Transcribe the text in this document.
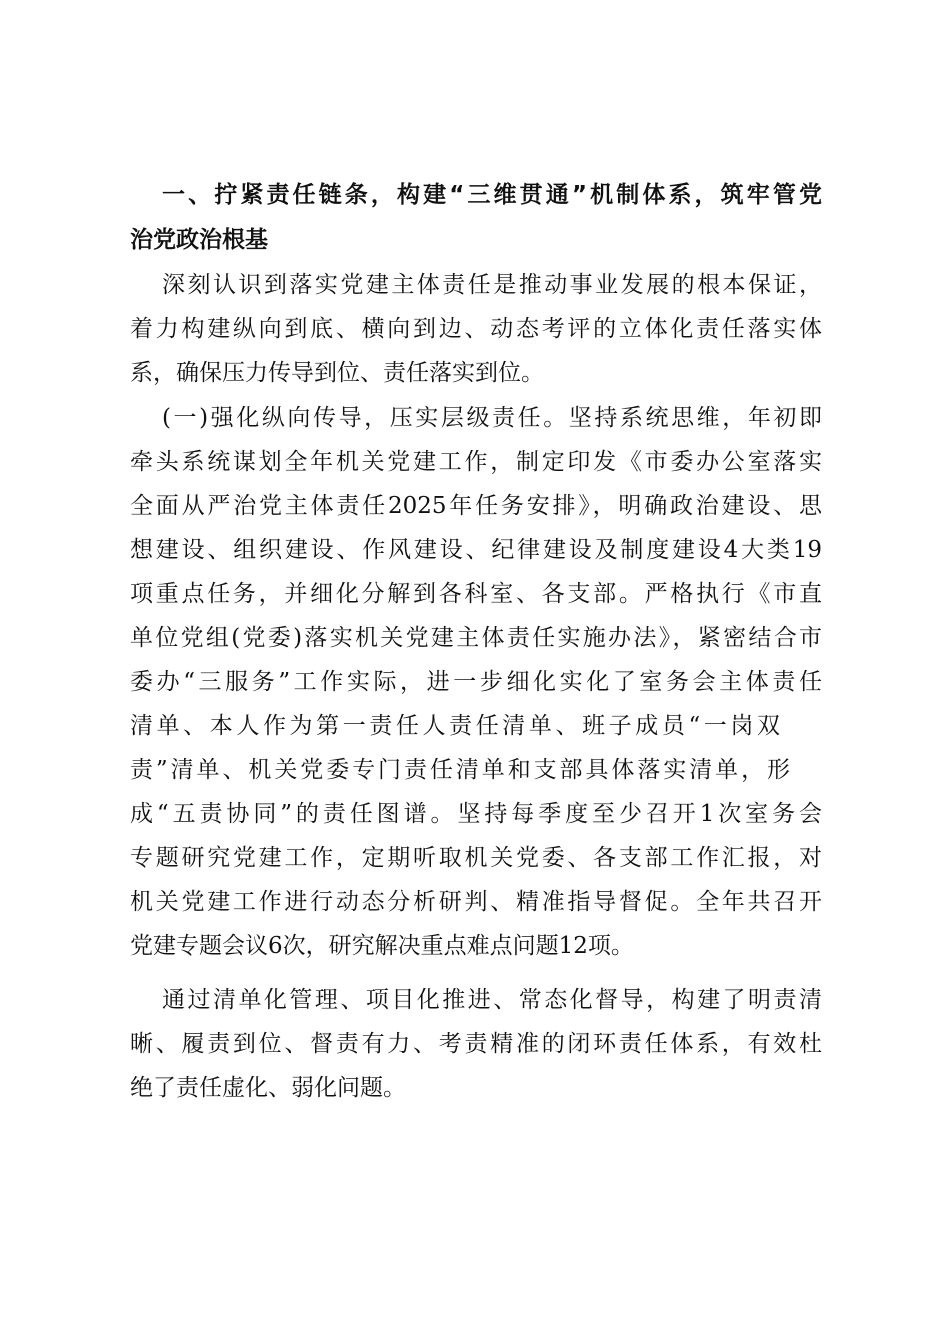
一、拧紧责任链条，构建“三维贯通”机制体系，筑牢管党
治党政治根基
深刻认识到落实党建主体责任是推动事业发展的根本保证，
着力构建纵向到底、横向到边、动态考评的立体化责任落实体
系，确保压力传导到位、责任落实到位。
(一)强化纵向传导，压实层级责任。坚持系统思维，年初即
牵头系统谋划全年机关党建工作，制定印发《市委办公室落实
全面从严治党主体责任2025年任务安排》，明确政治建设、思
想建设、组织建设、作风建设、纪律建设及制度建设4大类19
项重点任务，并细化分解到各科室、各支部。严格执行《市直
单位党组(党委)落实机关党建主体责任实施办法》，紧密结合市
委办“三服务”工作实际，进一步细化实化了室务会主体责任
清单、本人作为第一责任人责任清单、班子成员“一岗双
责”清单、机关党委专门责任清单和支部具体落实清单，形
成“五责协同”的责任图谱。坚持每季度至少召开1次室务会
专题研究党建工作，定期听取机关党委、各支部工作汇报，对
机关党建工作进行动态分析研判、精准指导督促。全年共召开
党建专题会议6次，研究解决重点难点问题12项。
通过清单化管理、项目化推进、常态化督导，构建了明责清
晰、履责到位、督责有力、考责精准的闭环责任体系，有效杜
绝了责任虚化、弱化问题。
